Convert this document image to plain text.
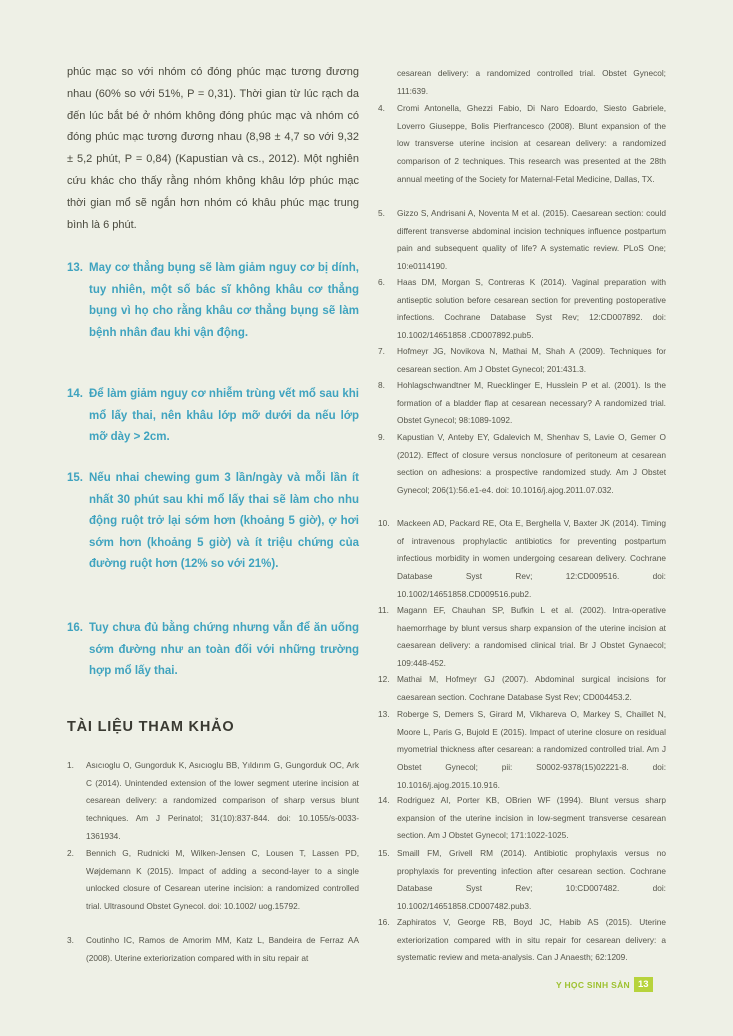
phúc mạc so với nhóm có đóng phúc mạc tương đương nhau (60% so với 51%, P = 0,31). Thời gian từ lúc rạch da đến lúc bắt bé ở nhóm không đóng phúc mạc và nhóm có đóng phúc mạc tương đương nhau (8,98 ± 4,7 so với 9,32 ± 5,2 phút, P = 0,84) (Kapustian và cs., 2012). Một nghiên cứu khác cho thấy rằng nhóm không khâu lớp phúc mạc thời gian mổ sẽ ngắn hơn nhóm có khâu phúc mạc trung bình là 6 phút.

13. May cơ thẳng bụng sẽ làm giảm nguy cơ bị dính, tuy nhiên, một số bác sĩ không khâu cơ thẳng bụng vì họ cho rằng khâu cơ thẳng bụng sẽ làm bệnh nhân đau khi vận động.
14. Để làm giảm nguy cơ nhiễm trùng vết mổ sau khi mổ lấy thai, nên khâu lớp mỡ dưới da nếu lớp mỡ dày > 2cm.
15. Nếu nhai chewing gum 3 lần/ngày và mỗi lần ít nhất 30 phút sau khi mổ lấy thai sẽ làm cho nhu động ruột trở lại sớm hơn (khoảng 5 giờ), ợ hơi sớm hơn (khoảng 5 giờ) và ít triệu chứng của đường ruột hơn (12% so với 21%).
16. Tuy chưa đủ bằng chứng nhưng vẫn để ăn uống sớm đường như an toàn đối với những trường hợp mổ lấy thai.
TÀI LIỆU THAM KHẢO
1.	Asıcıoglu O, Gungorduk K, Asıcıoglu BB, Yıldırım G, Gungorduk OC, Ark C (2014). Unintended extension of the lower segment uterine incision at cesarean delivery: a randomized comparison of sharp versus blunt techniques. Am J Perinatol; 31(10):837-844. doi: 10.1055/s-0033-1361934.
2.	Bennich G, Rudnicki M, Wilken-Jensen C, Lousen T, Lassen PD, Wøjdemann K (2015). Impact of adding a second-layer to a single unlocked closure of Cesarean uterine incision: a randomized controlled trial. Ultrasound Obstet Gynecol. doi: 10.1002/ uog.15792.
3.	Coutinho IC, Ramos de Amorim MM, Katz L, Bandeira de Ferraz AA (2008). Uterine exteriorization compared with in situ repair at
cesarean delivery: a randomized controlled trial. Obstet Gynecol; 111:639.
4.	Cromi Antonella, Ghezzi Fabio, Di Naro Edoardo, Siesto Gabriele, Loverro Giuseppe, Bolis Pierfrancesco (2008). Blunt expansion of the low transverse uterine incision at cesarean delivery: a randomized comparison of 2 techniques. This research was presented at the 28th annual meeting of the Society for Maternal-Fetal Medicine, Dallas, TX.
5.	Gizzo S, Andrisani A, Noventa M et al. (2015). Caesarean section: could different transverse abdominal incision techniques influence postpartum pain and subsequent quality of life? A systematic review. PLoS One; 10:e0114190.
6.	Haas DM, Morgan S, Contreras K (2014). Vaginal preparation with antiseptic solution before cesarean section for preventing postoperative infections. Cochrane Database Syst Rev; 12:CD007892. doi: 10.1002/14651858 .CD007892.pub5.
7.	Hofmeyr JG, Novikova N, Mathai M, Shah A (2009). Techniques for cesarean section. Am J Obstet Gynecol; 201:431.3.
8.	Hohlagschwandtner M, Ruecklinger E, Husslein P et al. (2001). Is the formation of a bladder flap at cesarean necessary? A randomized trial. Obstet Gynecol; 98:1089-1092.
9.	Kapustian V, Anteby EY, Gdalevich M, Shenhav S, Lavie O, Gemer O (2012). Effect of closure versus nonclosure of peritoneum at cesarean section on adhesions: a prospective randomized study. Am J Obstet Gynecol; 206(1):56.e1-e4. doi: 10.1016/j.ajog.2011.07.032.
10. Mackeen AD, Packard RE, Ota E, Berghella V, Baxter JK (2014). Timing of intravenous prophylactic antibiotics for preventing postpartum infectious morbidity in women undergoing cesarean delivery. Cochrane Database Syst Rev; 12:CD009516. doi: 10.1002/14651858.CD009516.pub2.
11. Magann EF, Chauhan SP, Bufkin L et al. (2002). Intra-operative haemorrhage by blunt versus sharp expansion of the uterine incision at caesarean delivery: a randomised clinical trial. Br J Obstet Gynaecol; 109:448-452.
12. Mathai M, Hofmeyr GJ (2007). Abdominal surgical incisions for caesarean section. Cochrane Database Syst Rev; CD004453.2.
13. Roberge S, Demers S, Girard M, Vikhareva O, Markey S, Chaillet N, Moore L, Paris G, Bujold E (2015). Impact of uterine closure on residual myometrial thickness after cesarean: a randomized controlled trial. Am J Obstet Gynecol; pii: S0002-9378(15)02221-8. doi: 10.1016/j.ajog.2015.10.916.
14. Rodriguez AI, Porter KB, OBrien WF (1994). Blunt versus sharp expansion of the uterine incision in low-segment transverse cesarean section. Am J Obstet Gynecol; 171:1022-1025.
15. Smaill FM, Grivell RM (2014). Antibiotic prophylaxis versus no prophylaxis for preventing infection after cesarean section. Cochrane Database Syst Rev; 10:CD007482. doi: 10.1002/14651858.CD007482.pub3.
16. Zaphiratos V, George RB, Boyd JC, Habib AS (2015). Uterine exteriorization compared with in situ repair for cesarean delivery: a systematic review and meta-analysis. Can J Anaesth; 62:1209.
Y HỌC SINH SẢN 13
